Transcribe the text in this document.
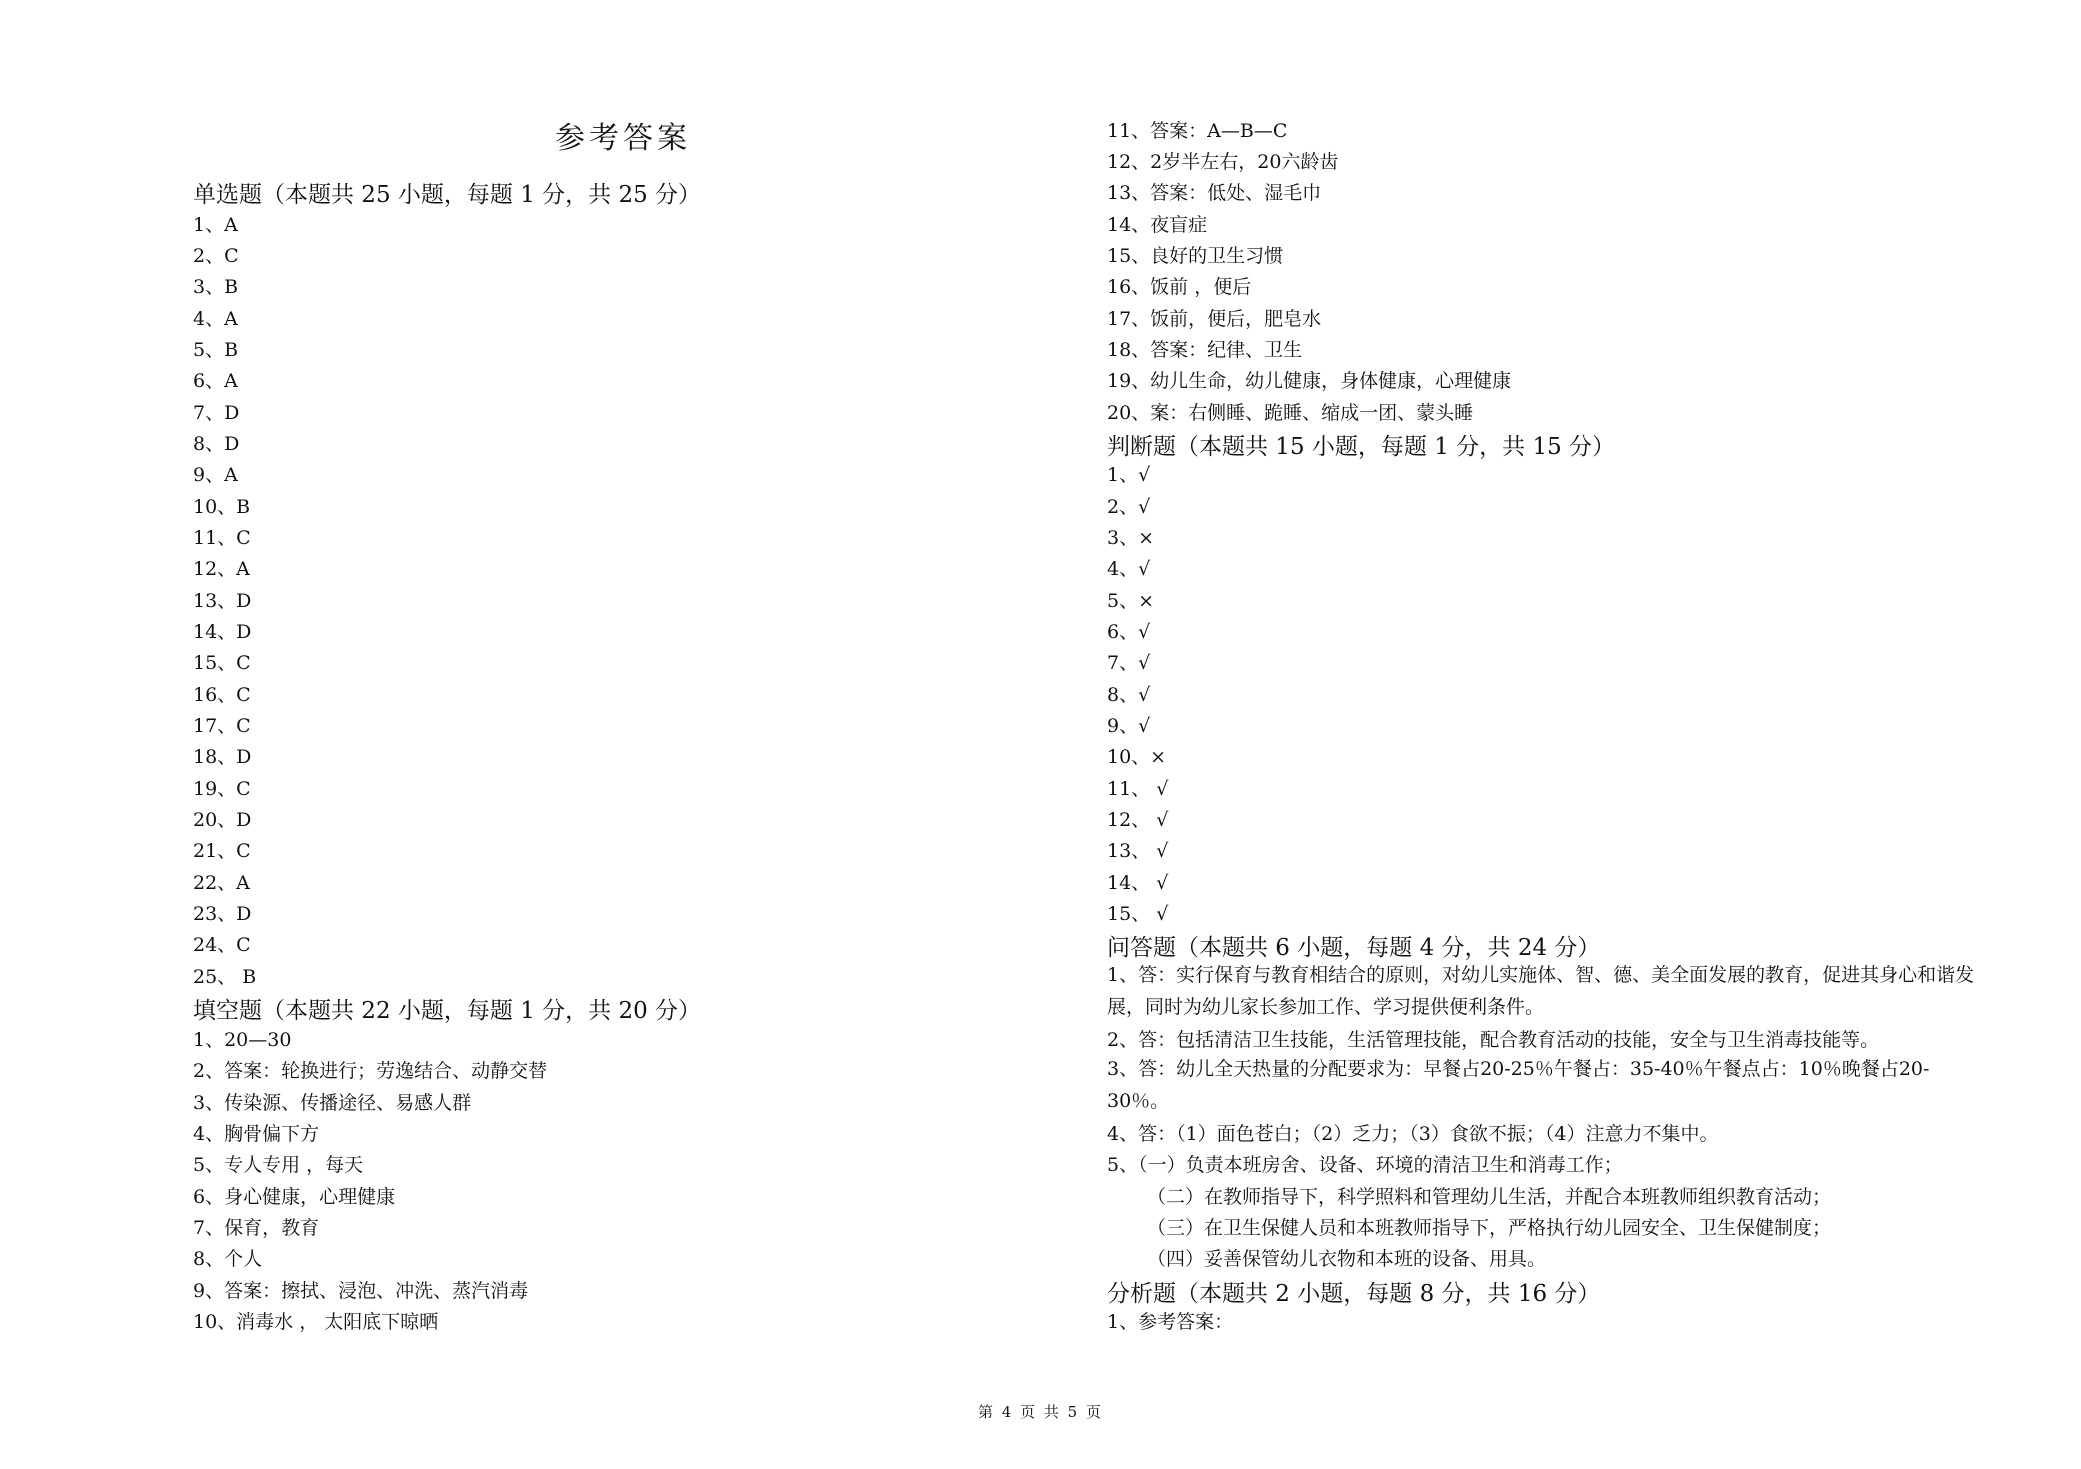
参考答案
单选题（本题共 25 小题，每题 1 分，共 25 分）
1、A
2、C
3、B
4、A
5、B
6、A
7、D
8、D
9、A
10、B
11、C
12、A
13、D
14、D
15、C
16、C
17、C
18、D
19、C
20、D
21、C
22、A
23、D
24、C
25、 B
填空题（本题共 22 小题，每题 1 分，共 20 分）
1、20—30
2、答案：轮换进行；劳逸结合、动静交替
3、传染源、传播途径、易感人群
4、胸骨偏下方
5、专人专用 ，每天
6、身心健康，心理健康
7、保育，教育
8、个人
9、答案：擦拭、浸泡、冲洗、蒸汽消毒
10、消毒水 ， 太阳底下晾晒
11、答案：A—B—C
12、2岁半左右，20六龄齿
13、答案：低处、湿毛巾
14、夜盲症
15、良好的卫生习惯
16、饭前 ，便后
17、饭前，便后，肥皂水
18、答案：纪律、卫生
19、幼儿生命，幼儿健康，身体健康，心理健康
20、案：右侧睡、跪睡、缩成一团、蒙头睡
判断题（本题共 15 小题，每题 1 分，共 15 分）
1、√
2、√
3、×
4、√
5、×
6、√
7、√
8、√
9、√
10、×
11、 √
12、 √
13、 √
14、 √
15、 √
问答题（本题共 6 小题，每题 4 分，共 24 分）
1、答：实行保育与教育相结合的原则，对幼儿实施体、智、德、美全面发展的教育，促进其身心和谐发展，同时为幼儿家长参加工作、学习提供便利条件。
2、答：包括清洁卫生技能，生活管理技能，配合教育活动的技能，安全与卫生消毒技能等。
3、答：幼儿全天热量的分配要求为：早餐占20-25％午餐占：35-40％午餐点占：10％晚餐占20-30％。
4、答：（1）面色苍白；（2）乏力；（3）食欲不振；（4）注意力不集中。
5、（一）负责本班房舍、设备、环境的清洁卫生和消毒工作；
（二）在教师指导下，科学照料和管理幼儿生活，并配合本班教师组织教育活动；
（三）在卫生保健人员和本班教师指导下，严格执行幼儿园安全、卫生保健制度；
（四）妥善保管幼儿衣物和本班的设备、用具。
分析题（本题共 2 小题，每题 8 分，共 16 分）
1、参考答案：
第 4 页 共 5 页
